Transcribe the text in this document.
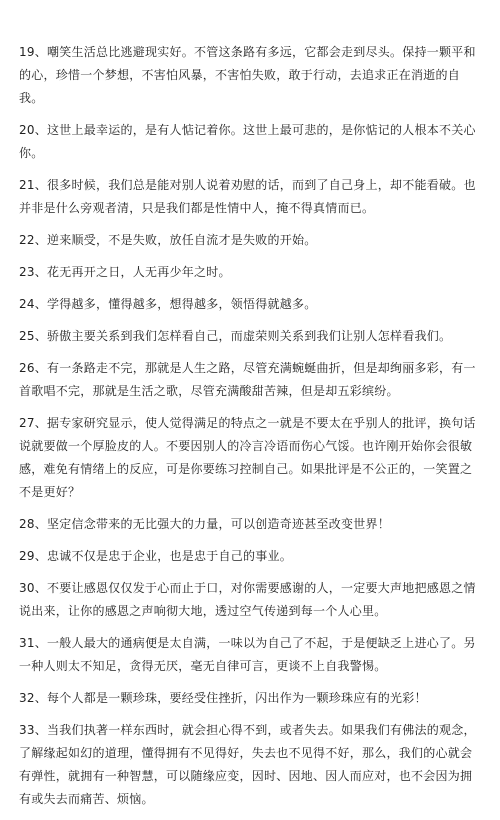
19、嘲笑生活总比逃避现实好。不管这条路有多远，它都会走到尽头。保持一颗平和的心，珍惜一个梦想，不害怕风暴，不害怕失败，敢于行动，去追求正在消逝的自我。
20、这世上最幸运的，是有人惦记着你。这世上最可悲的，是你惦记的人根本不关心你。
21、很多时候，我们总是能对别人说着劝慰的话，而到了自己身上，却不能看破。也并非是什么旁观者清，只是我们都是性情中人，掩不得真情而已。
22、逆来顺受，不是失败，放任自流才是失败的开始。
23、花无再开之日，人无再少年之时。
24、学得越多，懂得越多，想得越多，领悟得就越多。
25、骄傲主要关系到我们怎样看自己，而虚荣则关系到我们让别人怎样看我们。
26、有一条路走不完，那就是人生之路，尽管充满蜿蜒曲折，但是却绚丽多彩，有一首歌唱不完，那就是生活之歌，尽管充满酸甜苦辣，但是却五彩缤纷。
27、据专家研究显示，使人觉得满足的特点之一就是不要太在乎别人的批评，换句话说就要做一个厚脸皮的人。不要因别人的冷言冷语而伤心气馁。也许刚开始你会很敏感，难免有情绪上的反应，可是你要练习控制自己。如果批评是不公正的，一笑置之不是更好？
28、坚定信念带来的无比强大的力量，可以创造奇迹甚至改变世界！
29、忠诚不仅是忠于企业，也是忠于自己的事业。
30、不要让感恩仅仅发于心而止于口，对你需要感谢的人，一定要大声地把感恩之情说出来，让你的感恩之声响彻大地，透过空气传递到每一个人心里。
31、一般人最大的通病便是太自满，一味以为自己了不起，于是便缺乏上进心了。另一种人则太不知足，贪得无厌，毫无自律可言，更谈不上自我警惕。
32、每个人都是一颗珍珠，要经受住挫折，闪出作为一颗珍珠应有的光彩！
33、当我们执著一样东西时，就会担心得不到，或者失去。如果我们有佛法的观念，了解缘起如幻的道理，懂得拥有不见得好，失去也不见得不好，那么，我们的心就会有弹性，就拥有一种智慧，可以随缘应变，因时、因地、因人而应对，也不会因为拥有或失去而痛苦、烦恼。
